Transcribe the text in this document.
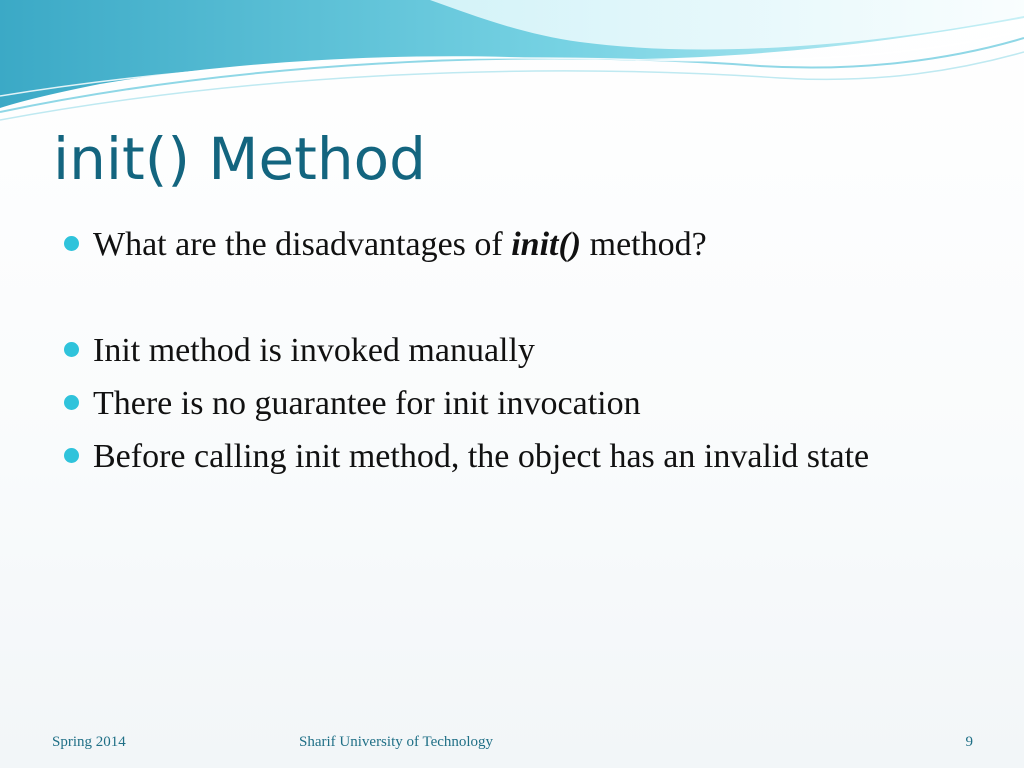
init() Method
What are the disadvantages of init() method?
Init method is invoked manually
There is no guarantee for init invocation
Before calling init method, the object has an invalid state
Spring 2014	Sharif University of Technology	9
